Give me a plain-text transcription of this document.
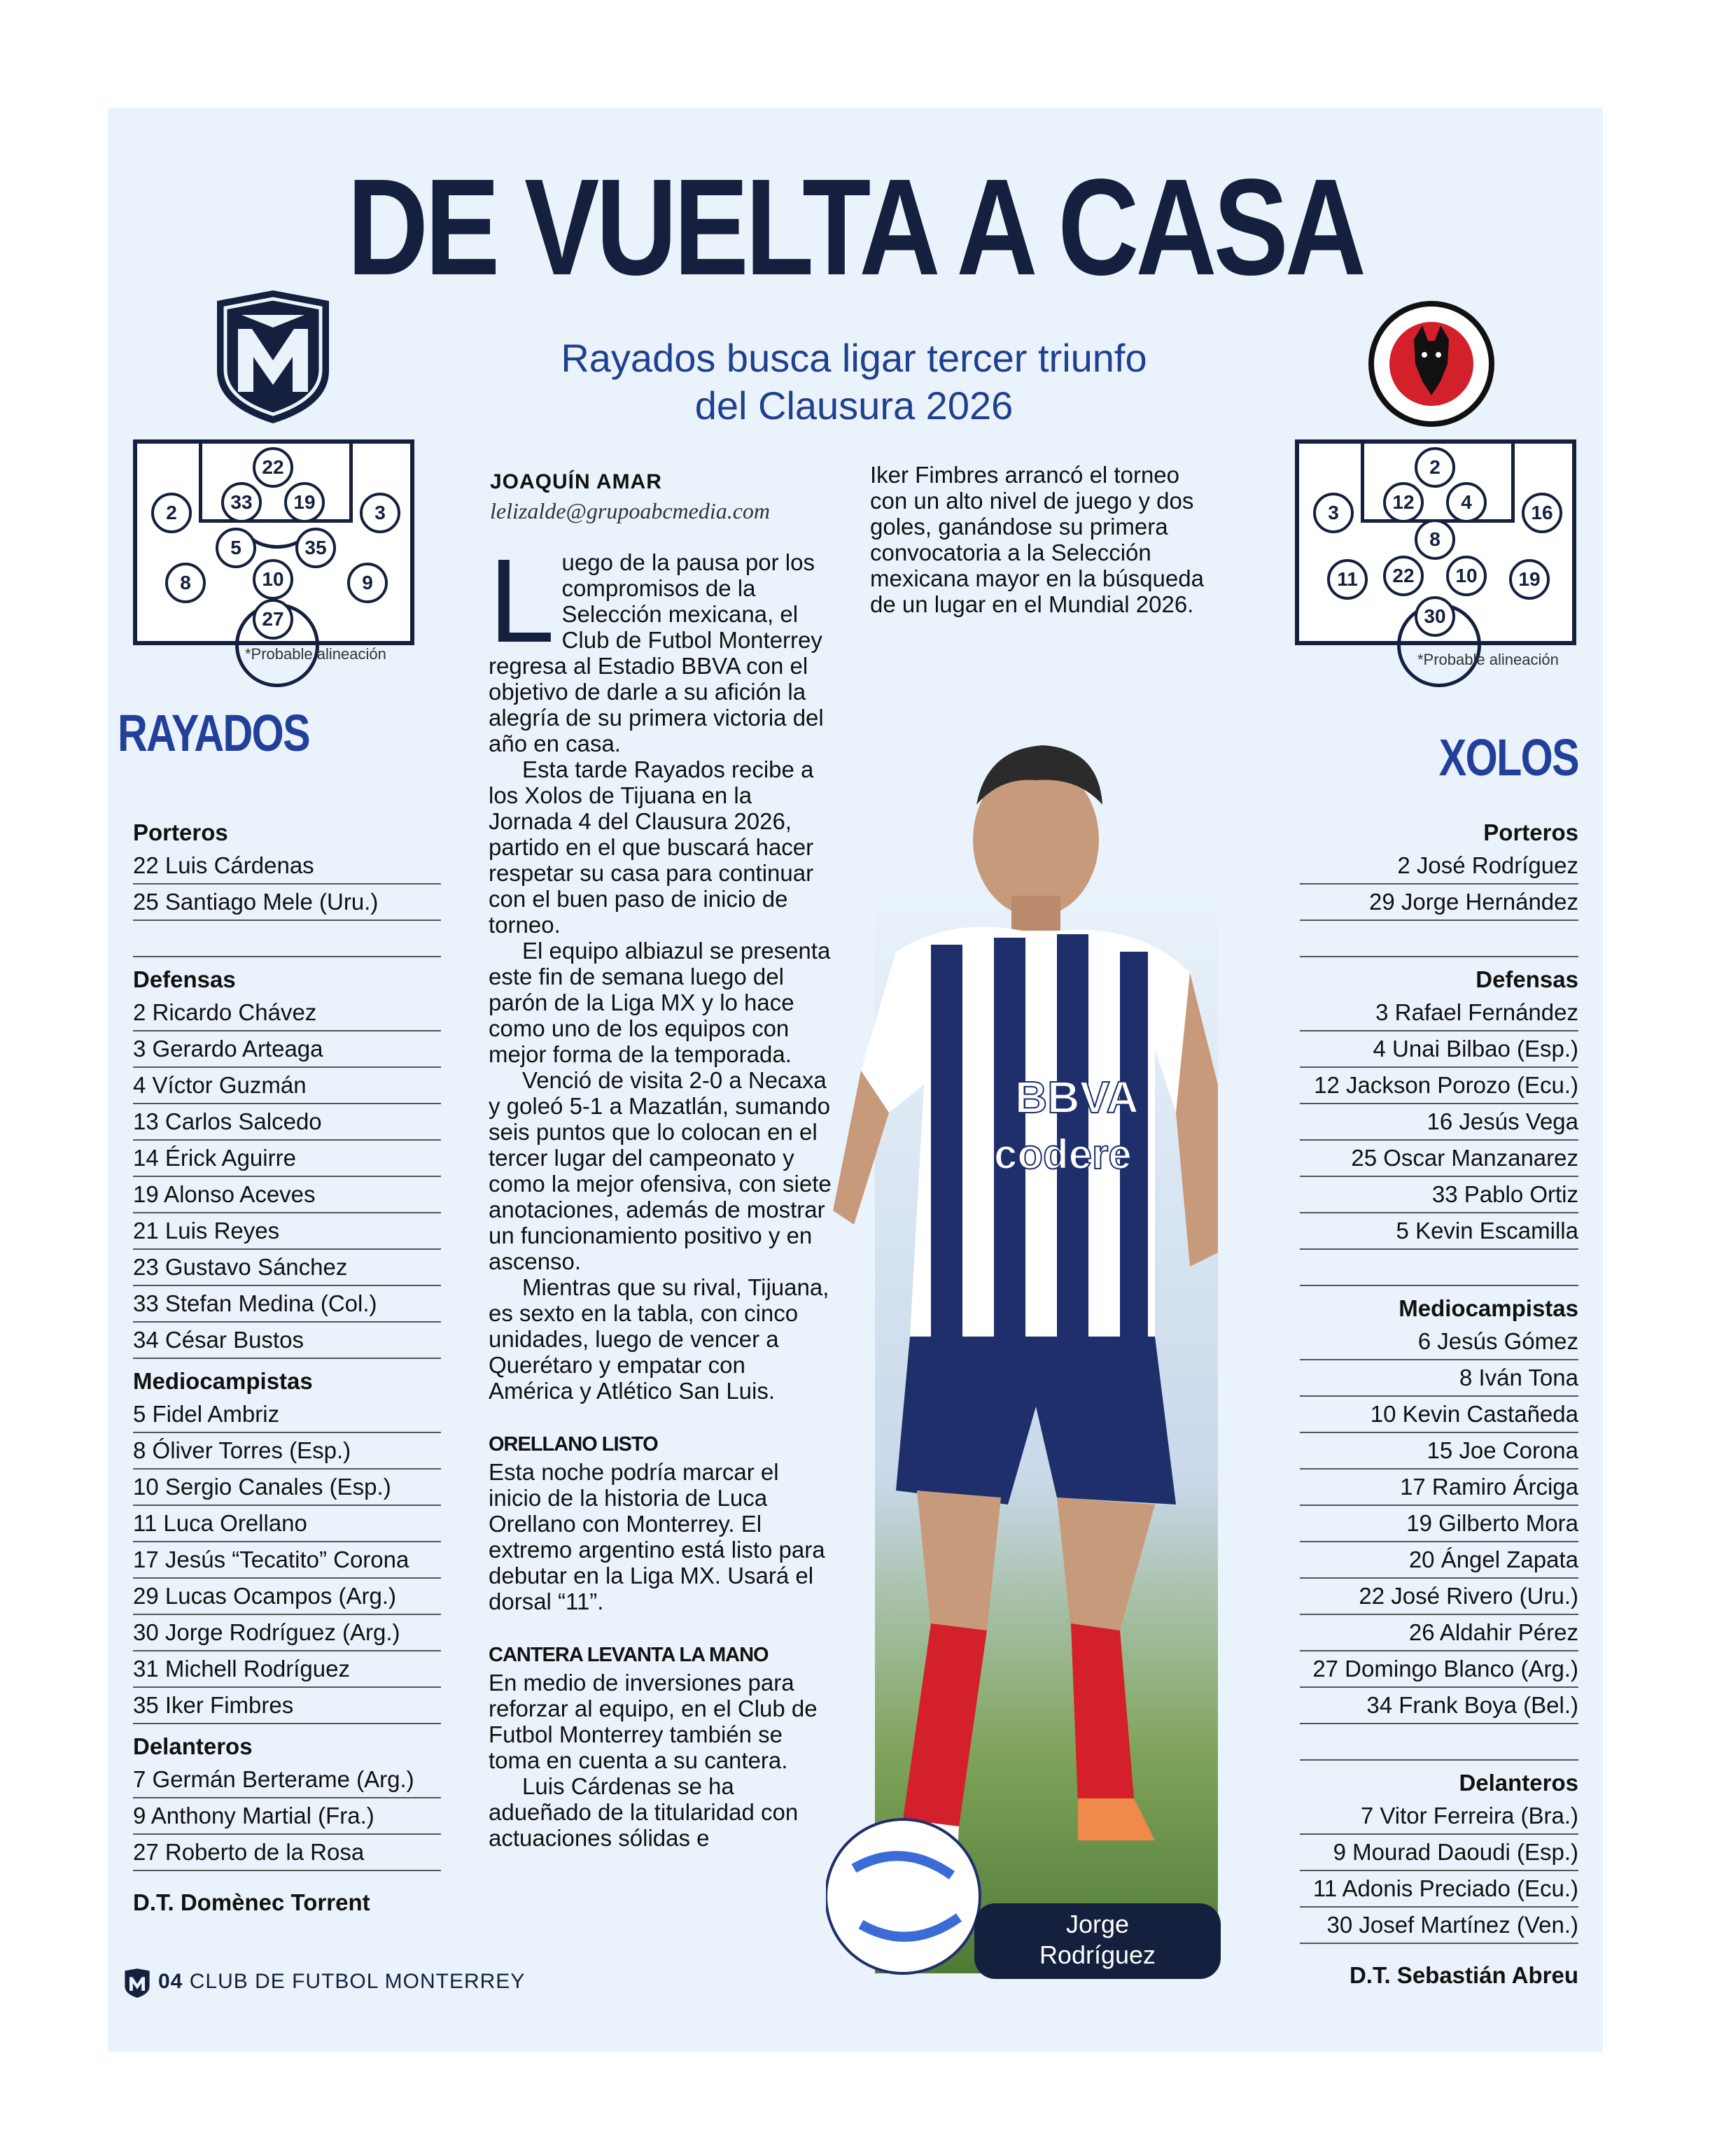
DE VUELTA A CASA
Rayados busca ligar tercer triunfo
del Clausura 2026
22
33	19
2	3
5	35
8	10	9
27
*Probable alineación
2
12	4
3	16
8
11	22	10	19
30
*Probable alineación
RAYADOS	XOLOS
Porteros
22 Luis Cárdenas
25 Santiago Mele (Uru.)
Defensas
2 Ricardo Chávez
3 Gerardo Arteaga
4 Víctor Guzmán
13 Carlos Salcedo
14 Érick Aguirre
19 Alonso Aceves
21 Luis Reyes
23 Gustavo Sánchez
33 Stefan Medina (Col.)
34 César Bustos
Mediocampistas
5 Fidel Ambriz
8 Óliver Torres (Esp.)
10 Sergio Canales (Esp.)
11 Luca Orellano
17 Jesús “Tecatito” Corona
29 Lucas Ocampos (Arg.)
30 Jorge Rodríguez (Arg.)
31 Michell Rodríguez
35 Iker Fimbres
Delanteros
7 Germán Berterame (Arg.)
9 Anthony Martial (Fra.)
27 Roberto de la Rosa
D.T. Domènec Torrent
Porteros
2 José Rodríguez
29 Jorge Hernández
Defensas
3 Rafael Fernández
4 Unai Bilbao (Esp.)
12 Jackson Porozo (Ecu.)
16 Jesús Vega
25 Oscar Manzanarez
33 Pablo Ortiz
5 Kevin Escamilla
Mediocampistas
6 Jesús Gómez
8 Iván Tona
10 Kevin Castañeda
15 Joe Corona
17 Ramiro Árciga
19 Gilberto Mora
20 Ángel Zapata
22 José Rivero (Uru.)
26 Aldahir Pérez
27 Domingo Blanco (Arg.)
34 Frank Boya (Bel.)
Delanteros
7 Vitor Ferreira (Bra.)
9 Mourad Daoudi (Esp.)
11 Adonis Preciado (Ecu.)
30 Josef Martínez (Ven.)
D.T. Sebastián Abreu
JOAQUÍN AMAR
lelizalde@grupoabcmedia.com

Luego de la pausa por los compromisos de la Selección mexicana, el Club de Futbol Monterrey regresa al Estadio BBVA con el objetivo de darle a su afición la alegría de su primera victoria del año en casa.

Esta tarde Rayados recibe a los Xolos de Tijuana en la Jornada 4 del Clausura 2026, partido en el que buscará hacer respetar su casa para continuar con el buen paso de inicio de torneo.

El equipo albiazul se presenta este fin de semana luego del parón de la Liga MX y lo hace como uno de los equipos con mejor forma de la temporada.

Venció de visita 2-0 a Necaxa y goleó 5-1 a Mazatlán, sumando seis puntos que lo colocan en el tercer lugar del campeonato y como la mejor ofensiva, con siete anotaciones, además de mostrar un funcionamiento positivo y en ascenso.

Mientras que su rival, Tijuana, es sexto en la tabla, con cinco unidades, luego de vencer a Querétaro y empatar con América y Atlético San Luis.

ORELLANO LISTO

Esta noche podría marcar el inicio de la historia de Luca Orellano con Monterrey. El extremo argentino está listo para debutar en la Liga MX. Usará el dorsal “11”.

CANTERA LEVANTA LA MANO

En medio de inversiones para reforzar al equipo, en el Club de Futbol Monterrey también se toma en cuenta a su cantera.

Luis Cárdenas se ha adueñado de la titularidad con actuaciones sólidas e

Iker Fimbres arrancó el torneo con un alto nivel de juego y dos goles, ganándose su primera convocatoria a la Selección mexicana mayor en la búsqueda de un lugar en el Mundial 2026.

BBVA
codere
Jorge
Rodríguez
04 CLUB DE FUTBOL MONTERREY
